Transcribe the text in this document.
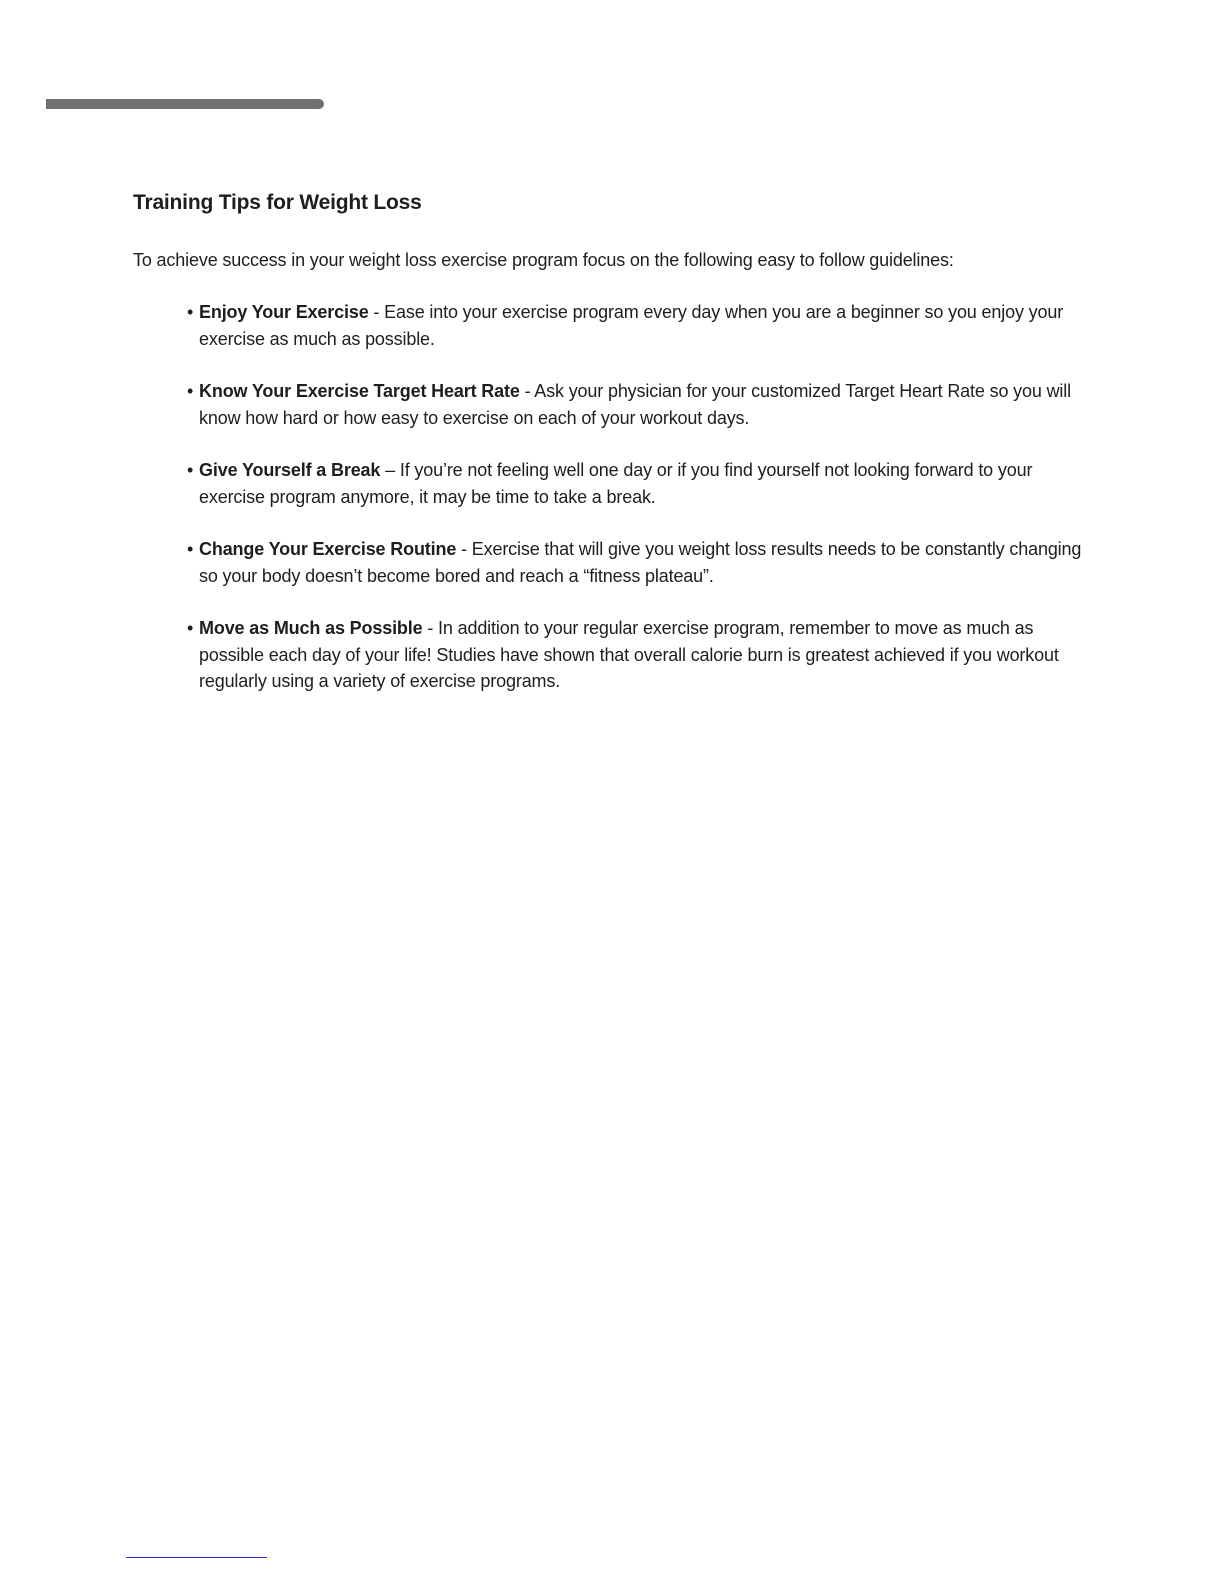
Training Tips for Weight Loss

To achieve success in your weight loss exercise program focus on the following easy to follow guidelines:

• Enjoy Your Exercise - Ease into your exercise program every day when you are a beginner so you enjoy your exercise as much as possible.
• Know Your Exercise Target Heart Rate - Ask your physician for your customized Target Heart Rate so you will know how hard or how easy to exercise on each of your workout days.
• Give Yourself a Break – If you’re not feeling well one day or if you find yourself not looking forward to your exercise program anymore, it may be time to take a break.
• Change Your Exercise Routine - Exercise that will give you weight loss results needs to be constantly changing so your body doesn’t become bored and reach a “fitness plateau”.
• Move as Much as Possible - In addition to your regular exercise program, remember to move as much as possible each day of your life! Studies have shown that overall calorie burn is greatest achieved if you workout regularly using a variety of exercise programs.
